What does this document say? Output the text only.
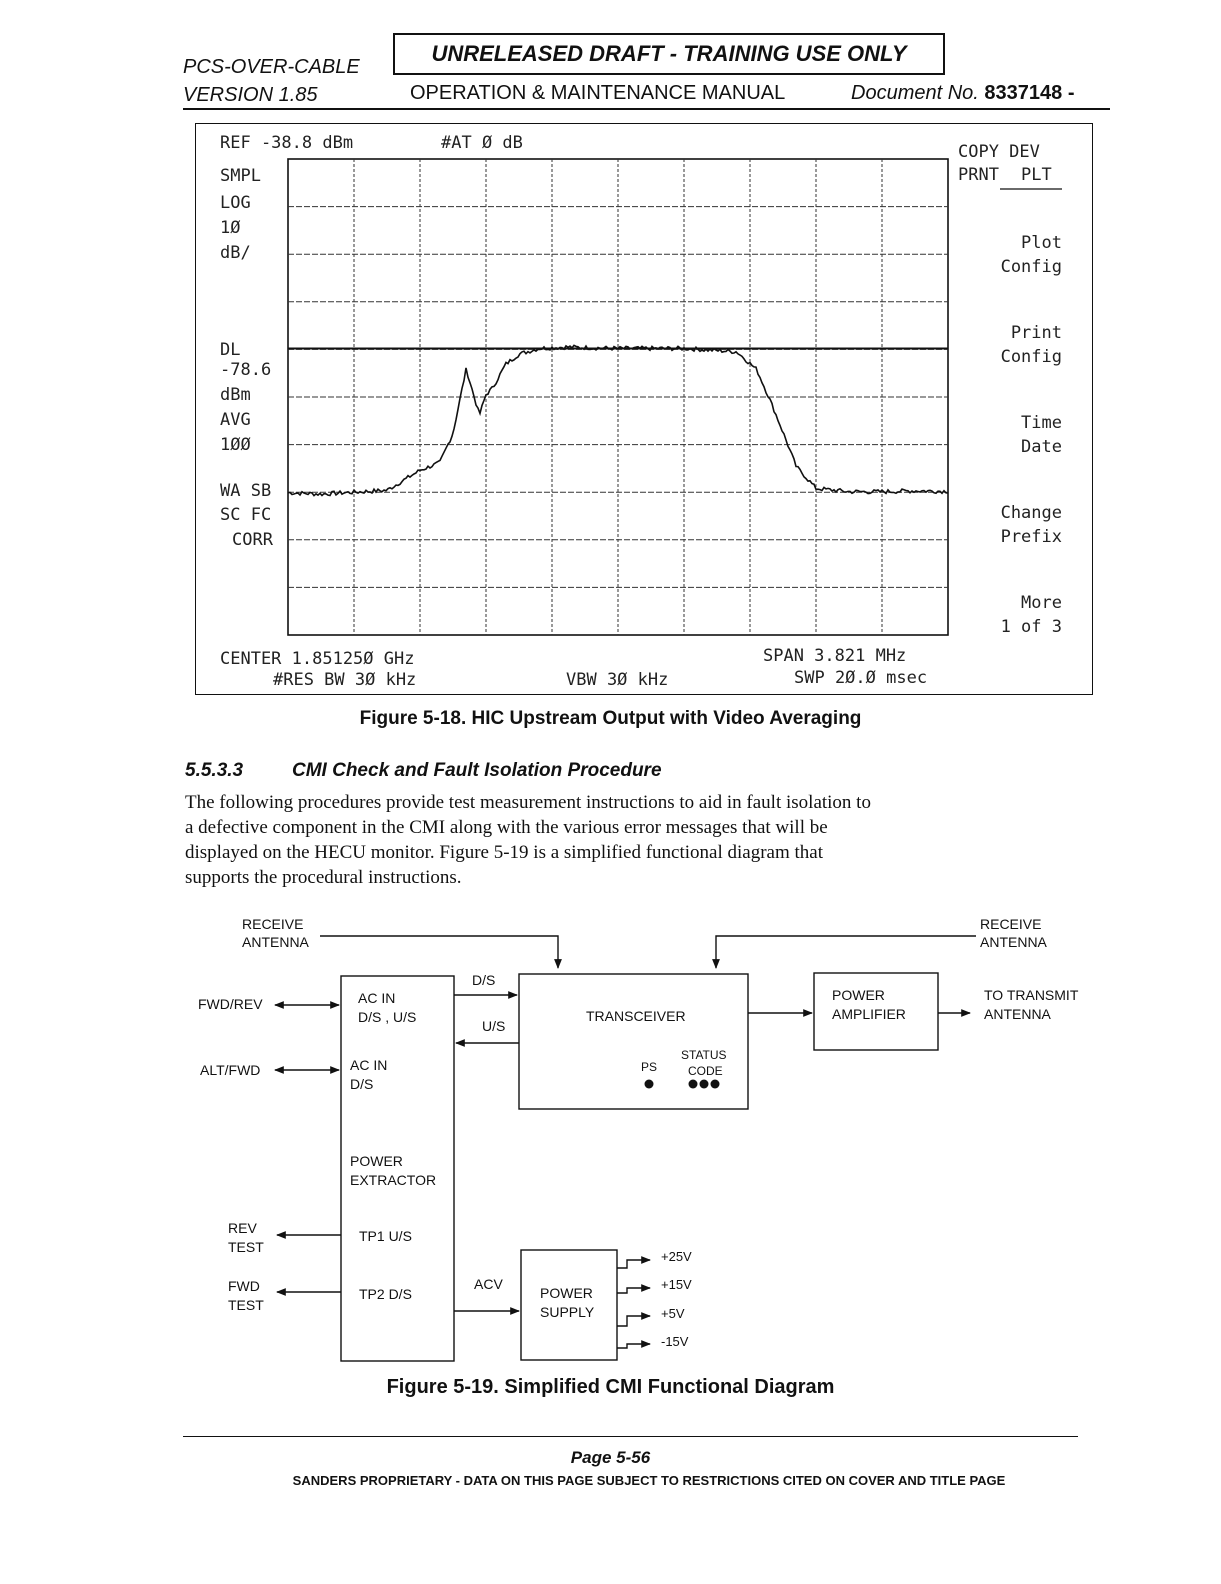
PCS-OVER-CABLE
UNRELEASED DRAFT - TRAINING USE ONLY
VERSION 1.85	OPERATION & MAINTENANCE MANUAL	Document No. 8337148 -
REF -38.8 dBm	#AT Ø dB
SMPL
LOG
1Ø
dB/
DL
-78.6
dBm
AVG
1ØØ
WA SB
SC FC
CORR
COPY DEV
PRNT PLT
Plot
Config
Print
Config
Time
Date
Change
Prefix
More
1 of 3
CENTER 1.85125Ø GHz	SPAN 3.821 MHz
#RES BW 3Ø kHz	VBW 3Ø kHz	SWP 2Ø.Ø msec
Figure 5-18. HIC Upstream Output with Video Averaging
5.5.3.3	CMI Check and Fault Isolation Procedure
The following procedures provide test measurement instructions to aid in fault isolation to
a defective component in the CMI along with the various error messages that will be
displayed on the HECU monitor. Figure 5-19 is a simplified functional diagram that
supports the procedural instructions.
RECEIVE
ANTENNA
RECEIVE
ANTENNA
FWD/REV
ALT/FWD
REV
TEST
FWD
TEST
AC IN
D/S , U/S
AC IN
D/S
POWER
EXTRACTOR
TP1 U/S
TP2 D/S
D/S
U/S
ACV
TRANSCEIVER
PS
STATUS
CODE
POWER
AMPLIFIER
TO TRANSMIT
ANTENNA
POWER
SUPPLY
+25V
+15V
+5V
-15V
Figure 5-19. Simplified CMI Functional Diagram
Page 5-56
SANDERS PROPRIETARY - DATA ON THIS PAGE SUBJECT TO RESTRICTIONS CITED ON COVER AND TITLE PAGE
